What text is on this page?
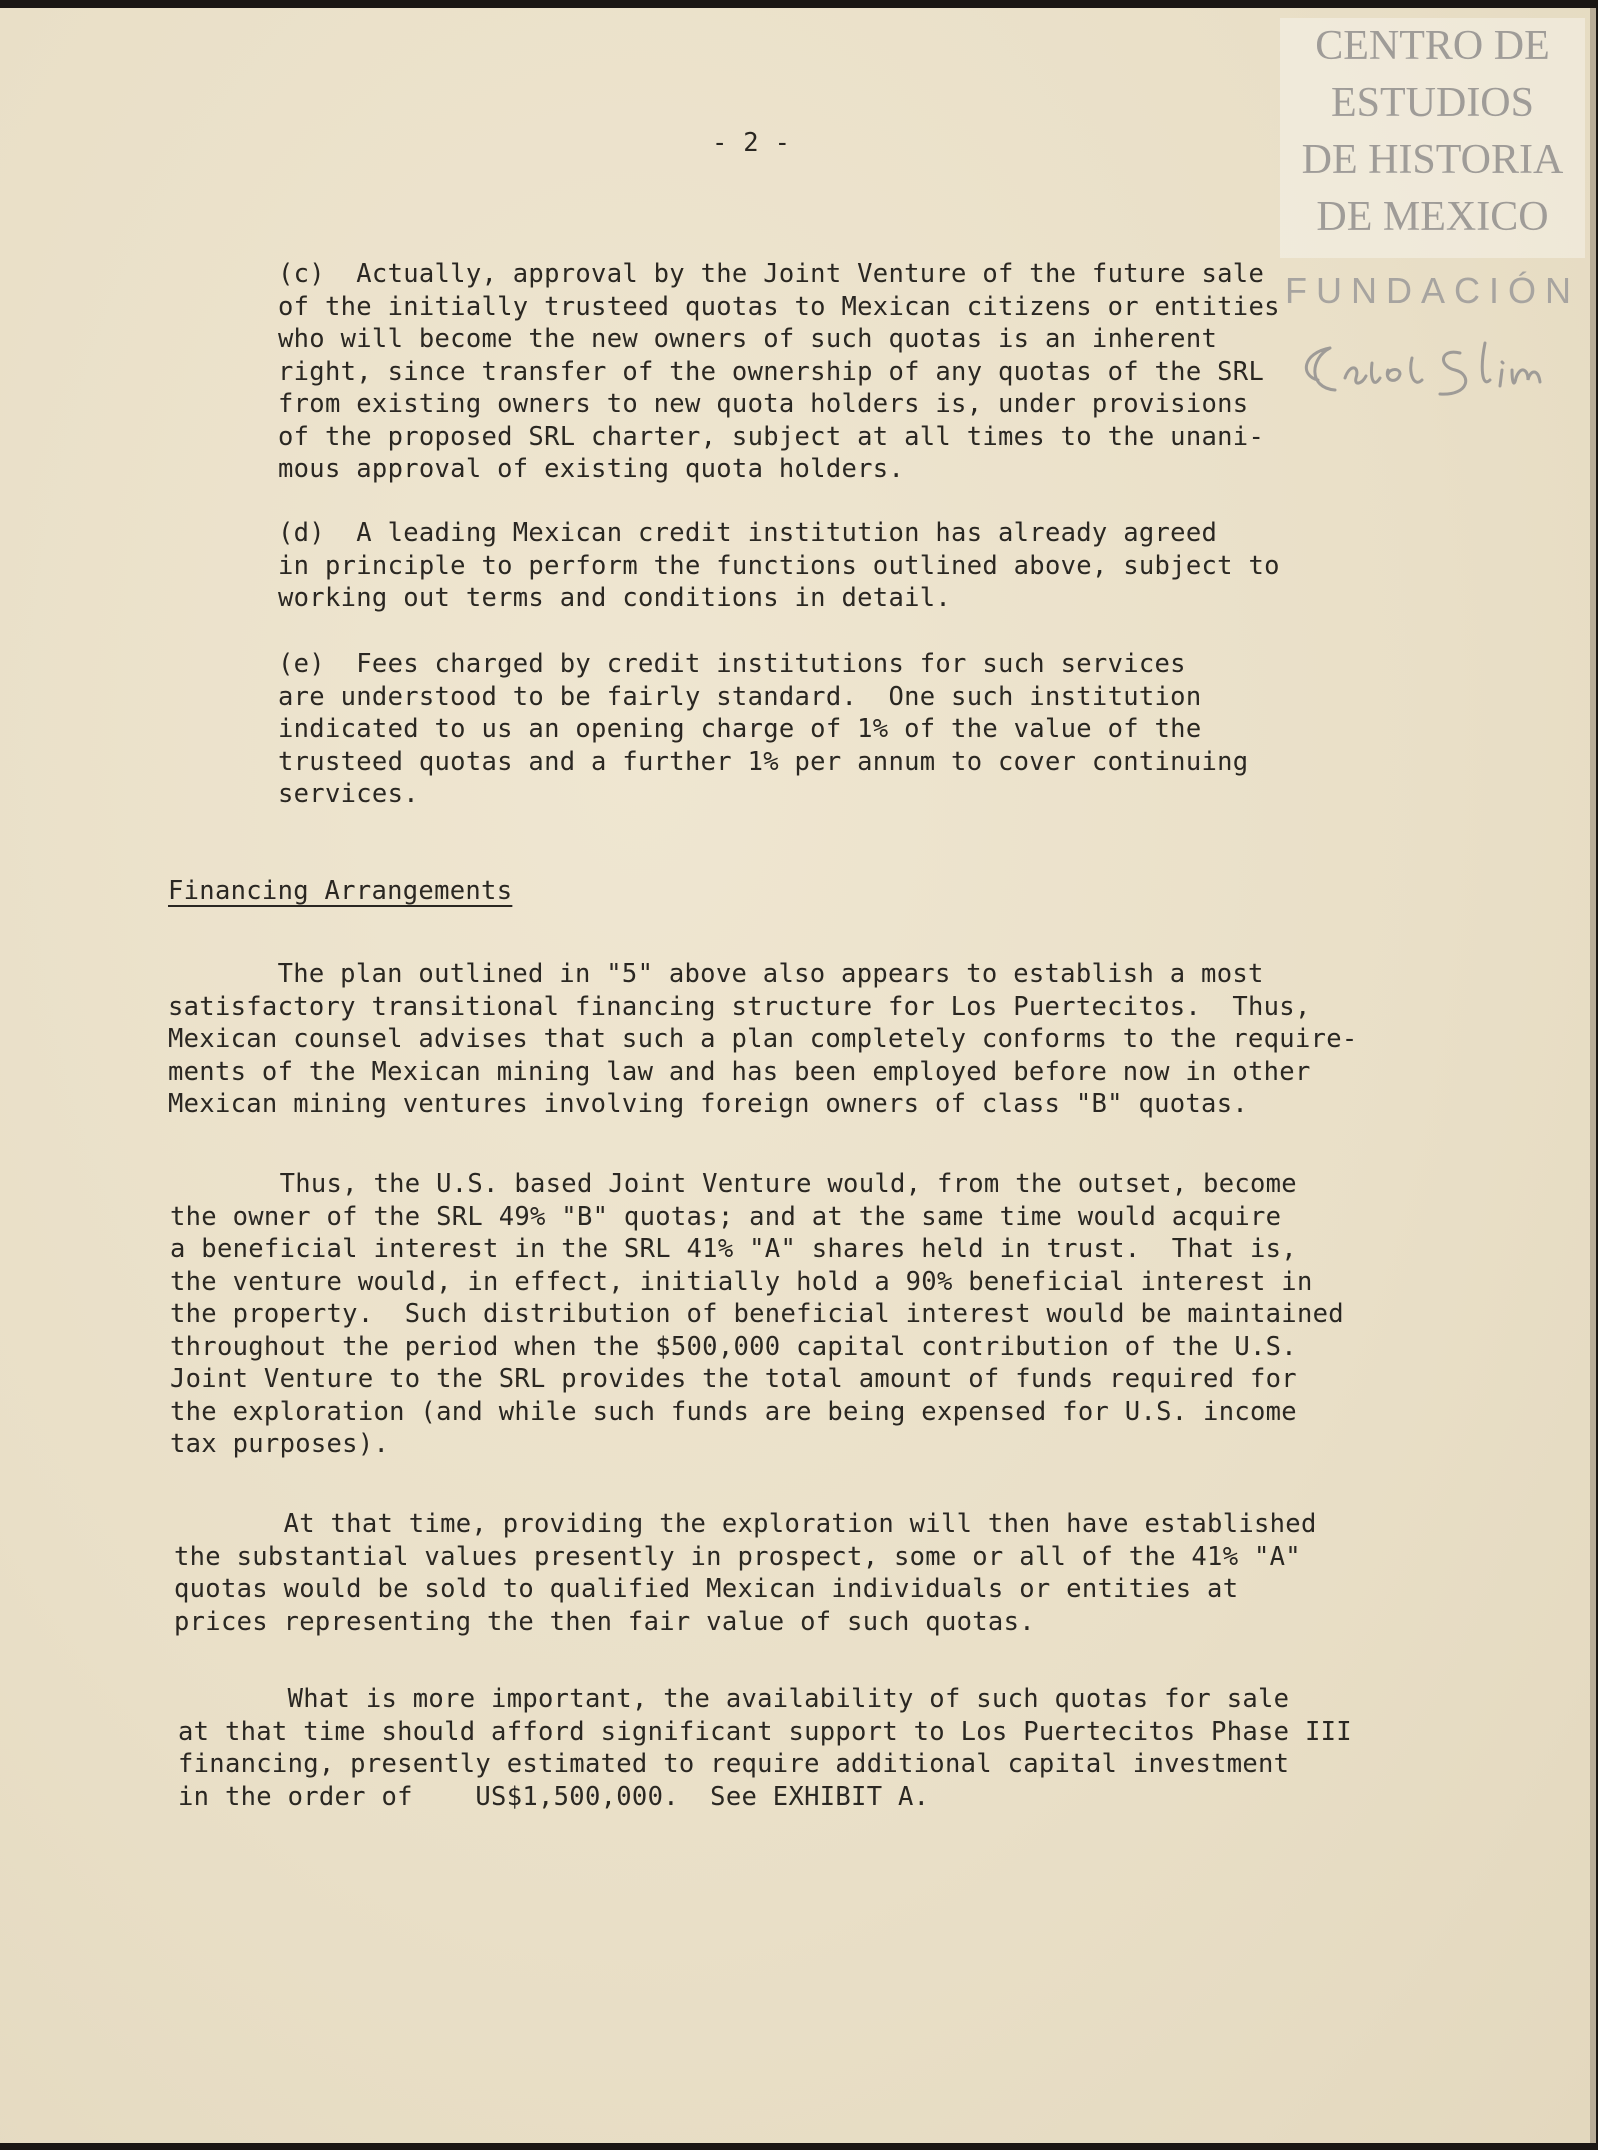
CENTRO DE
ESTUDIOS
DE HISTORIA
DE MEXICO
FUNDACIÓN
- 2 -

(c)  Actually, approval by the Joint Venture of the future sale
of the initially trusteed quotas to Mexican citizens or entities
who will become the new owners of such quotas is an inherent
right, since transfer of the ownership of any quotas of the SRL
from existing owners to new quota holders is, under provisions
of the proposed SRL charter, subject at all times to the unani-
mous approval of existing quota holders.

(d)  A leading Mexican credit institution has already agreed
in principle to perform the functions outlined above, subject to
working out terms and conditions in detail.

(e)  Fees charged by credit institutions for such services
are understood to be fairly standard.  One such institution
indicated to us an opening charge of 1% of the value of the
trusteed quotas and a further 1% per annum to cover continuing
services.

Financing Arrangements

The plan outlined in "5" above also appears to establish a most
satisfactory transitional financing structure for Los Puertecitos.  Thus,
Mexican counsel advises that such a plan completely conforms to the require-
ments of the Mexican mining law and has been employed before now in other
Mexican mining ventures involving foreign owners of class "B" quotas.

Thus, the U.S. based Joint Venture would, from the outset, become
the owner of the SRL 49% "B" quotas; and at the same time would acquire
a beneficial interest in the SRL 41% "A" shares held in trust.  That is,
the venture would, in effect, initially hold a 90% beneficial interest in
the property.  Such distribution of beneficial interest would be maintained
throughout the period when the $500,000 capital contribution of the U.S.
Joint Venture to the SRL provides the total amount of funds required for
the exploration (and while such funds are being expensed for U.S. income
tax purposes).

At that time, providing the exploration will then have established
the substantial values presently in prospect, some or all of the 41% "A"
quotas would be sold to qualified Mexican individuals or entities at
prices representing the then fair value of such quotas.

What is more important, the availability of such quotas for sale
at that time should afford significant support to Los Puertecitos Phase III
financing, presently estimated to require additional capital investment
in the order of    US$1,500,000.  See EXHIBIT A.
